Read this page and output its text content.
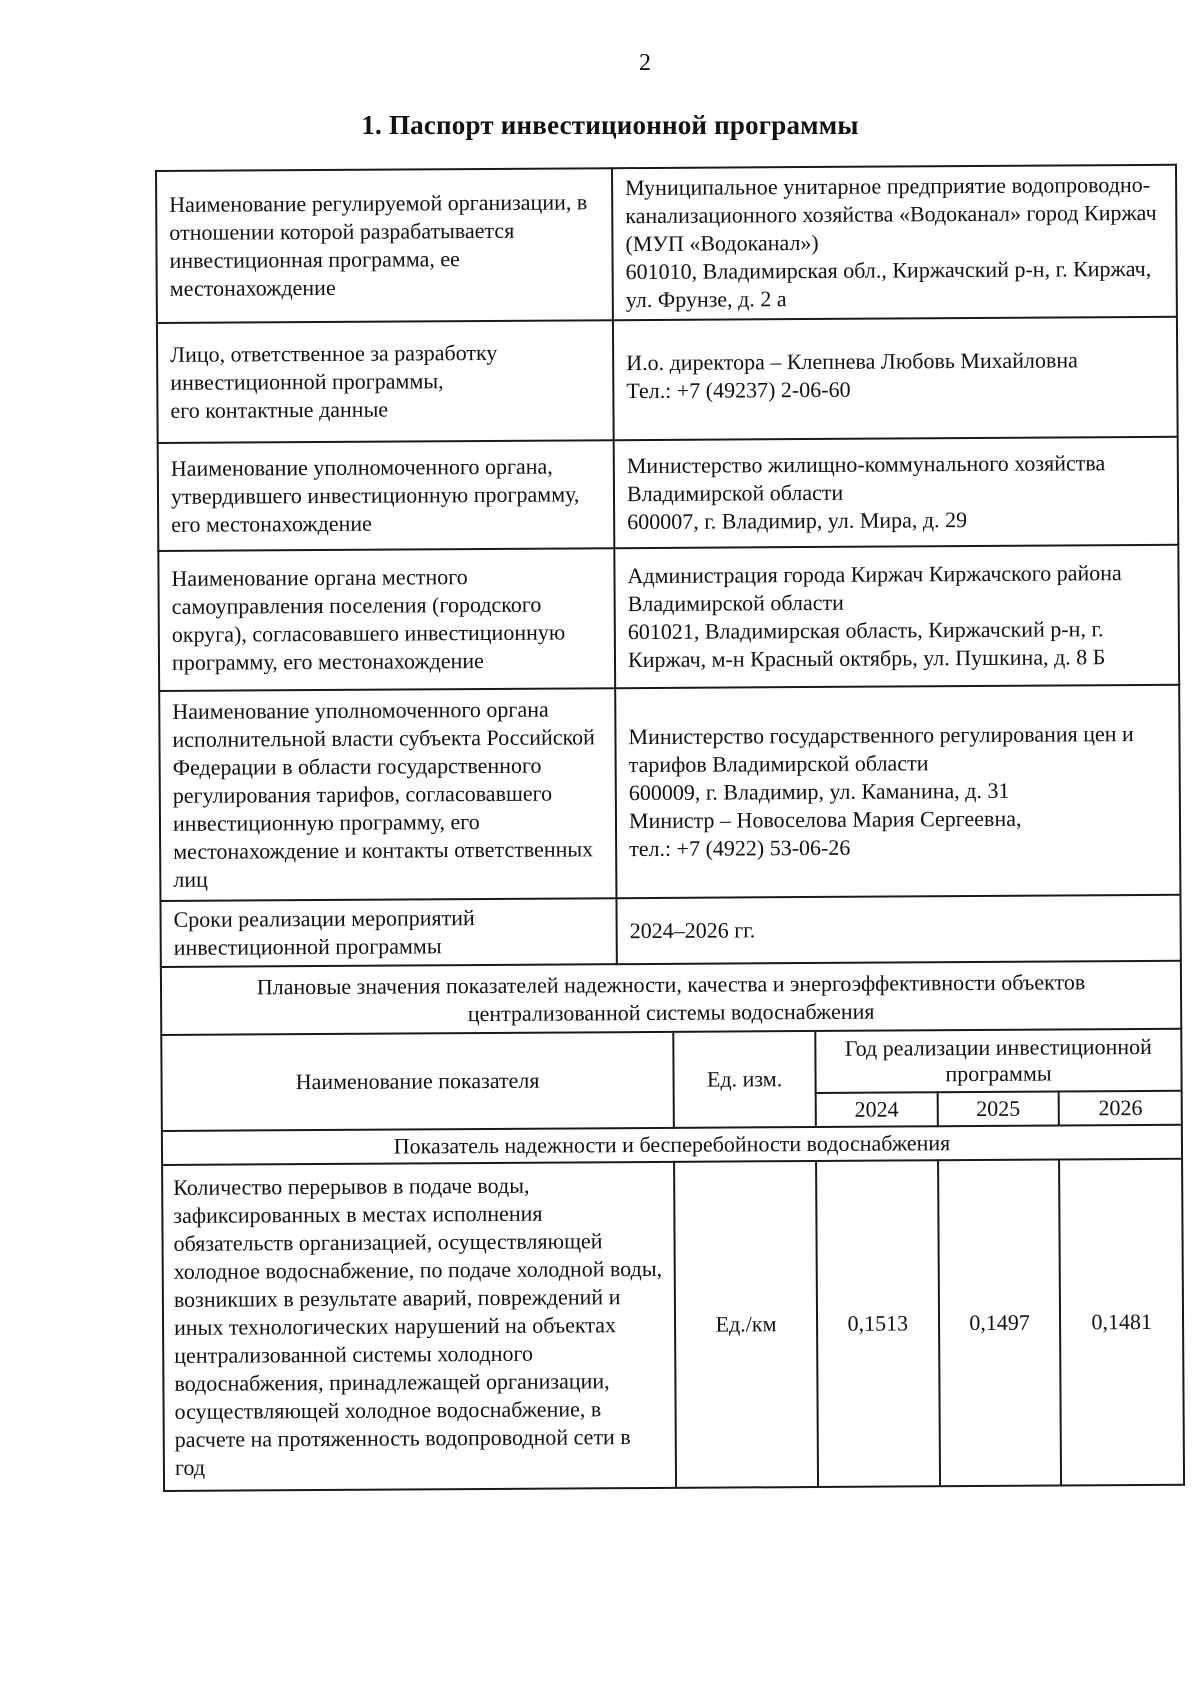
2
1. Паспорт инвестиционной программы
Наименование регулируемой организации, в отношении которой разрабатывается инвестиционная программа, ее местонахождение	Муниципальное унитарное предприятие водопроводно-канализационного хозяйства «Водоканал» город Киржач
(МУП «Водоканал»)
601010, Владимирская обл., Киржачский р-н, г. Киржач, ул. Фрунзе, д. 2 а
Лицо, ответственное за разработку инвестиционной программы,
его контактные данные	И.о. директора – Клепнева Любовь Михайловна
Тел.: +7 (49237) 2-06-60
Наименование уполномоченного органа, утвердившего инвестиционную программу, его местонахождение	Министерство жилищно-коммунального хозяйства Владимирской области
600007, г. Владимир, ул. Мира, д. 29
Наименование органа местного самоуправления поселения (городского округа), согласовавшего инвестиционную программу, его местонахождение	Администрация города Киржач Киржачского района Владимирской области
601021, Владимирская область, Киржачский р-н, г. Киржач, м-н Красный октябрь, ул. Пушкина, д. 8 Б
Наименование уполномоченного органа исполнительной власти субъекта Российской Федерации в области государственного регулирования тарифов, согласовавшего инвестиционную программу, его местонахождение и контакты ответственных лиц	Министерство государственного регулирования цен и тарифов Владимирской области
600009, г. Владимир, ул. Каманина, д. 31
Министр – Новоселова Мария Сергеевна,
тел.: +7 (4922) 53-06-26
Сроки реализации мероприятий инвестиционной программы	2024–2026 гг.
Плановые значения показателей надежности, качества и энергоэффективности объектов централизованной системы водоснабжения

Наименование показателя	Ед. изм.	Год реализации инвестиционной программы
2024	2025	2026
Показатель надежности и бесперебойности водоснабжения
Количество перерывов в подаче воды, зафиксированных в местах исполнения обязательств организацией, осуществляющей холодное водоснабжение, по подаче холодной воды, возникших в результате аварий, повреждений и иных технологических нарушений на объектах централизованной системы холодного водоснабжения, принадлежащей организации, осуществляющей холодное водоснабжение, в расчете на протяженность водопроводной сети в год	Ед./км	0,1513	0,1497	0,1481
